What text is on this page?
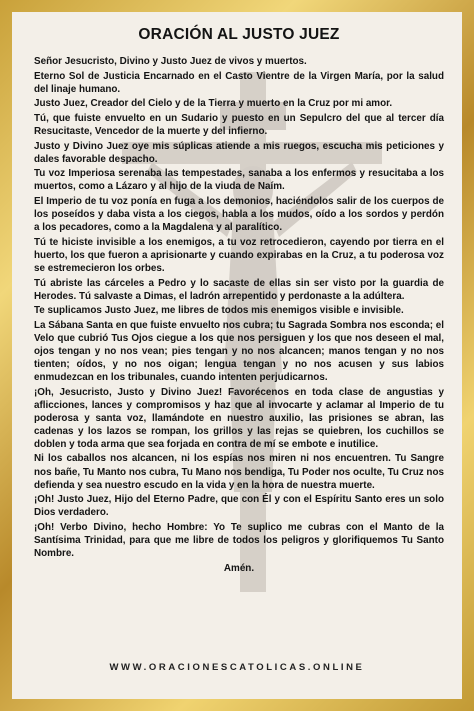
ORACIÓN AL JUSTO JUEZ
Señor Jesucristo, Divino y Justo Juez de vivos y muertos.
Eterno Sol de Justicia Encarnado en el Casto Vientre de la Virgen María, por la salud del linaje humano.
Justo Juez, Creador del Cielo y de la Tierra y muerto en la Cruz por mi amor.
Tú, que fuiste envuelto en un Sudario y puesto en un Sepulcro del que al tercer día Resucitaste, Vencedor de la muerte y del infierno.
Justo y Divino Juez oye mis súplicas atiende a mis ruegos, escucha mis peticiones y dales favorable despacho.
Tu voz Imperiosa serenaba las tempestades, sanaba a los enfermos y resucitaba a los muertos, como a Lázaro y al hijo de la viuda de Naím.
El Imperio de tu voz ponía en fuga a los demonios, haciéndolos salir de los cuerpos de los poseídos y daba vista a los ciegos, habla a los mudos, oído a los sordos y perdón a los pecadores, como a la Magdalena y al paralítico.
Tú te hiciste invisible a los enemigos, a tu voz retrocedieron, cayendo por tierra en el huerto, los que fueron a aprisionarte y cuando expirabas en la Cruz, a tu poderosa voz se estremecieron los orbes.
Tú abriste las cárceles a Pedro y lo sacaste de ellas sin ser visto por la guardia de Herodes. Tú salvaste a Dimas, el ladrón arrepentido y perdonaste a la adúltera.
Te suplicamos Justo Juez, me libres de todos mis enemigos visible e invisible.
La Sábana Santa en que fuiste envuelto nos cubra; tu Sagrada Sombra nos esconda; el Velo que cubrió Tus Ojos ciegue a los que nos persiguen y los que nos deseen el mal, ojos tengan y no nos vean; pies tengan y no nos alcancen; manos tengan y no nos tienten; oídos, y no nos oigan; lengua tengan y no nos acusen y sus labios enmudezcan en los tribunales, cuando intenten perjudicarnos.
¡Oh, Jesucristo, Justo y Divino Juez! Favorécenos en toda clase de angustias y aflicciones, lances y compromisos y haz que al invocarte y aclamar al Imperio de tu poderosa y santa voz, llamándote en nuestro auxilio, las prisiones se abran, las cadenas y los lazos se rompan, los grillos y las rejas se quiebren, los cuchillos se doblen y toda arma que sea forjada en contra de mí se embote e inutilice.
Ni los caballos nos alcancen, ni los espías nos miren ni nos encuentren. Tu Sangre nos bañe, Tu Manto nos cubra, Tu Mano nos bendiga, Tu Poder nos oculte, Tu Cruz nos defienda y sea nuestro escudo en la vida y en la hora de nuestra muerte.
¡Oh! Justo Juez, Hijo del Eterno Padre, que con Él y con el Espíritu Santo eres un solo Dios verdadero.
¡Oh! Verbo Divino, hecho Hombre: Yo Te suplico me cubras con el Manto de la Santísima Trinidad, para que me libre de todos los peligros y glorifiquemos Tu Santo Nombre.
Amén.
WWW.ORACIONESCATOLICAS.ONLINE
